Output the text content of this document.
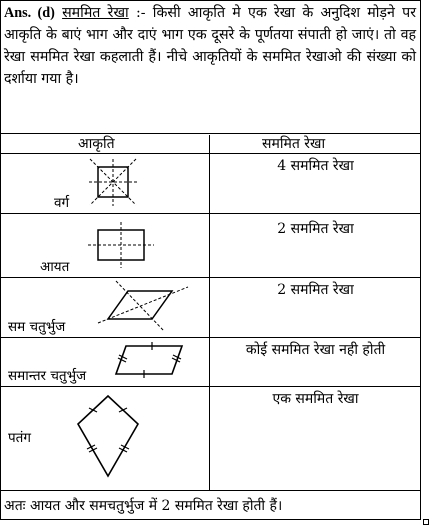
Ans. (d) सममित रेखा :- किसी आकृति मे एक रेखा के अनुदिश मोड़ने पर आकृति के बाएं भाग और दाएं भाग एक दूसरे के पूर्णतया संपाती हो जाएं। तो वह रेखा सममित रेखा कहलाती हैं। नीचे आकृतियों के सममित रेखाओ की संख्या को दर्शाया गया है।
आकृति	सममित रेखा
वर्ग
4 सममित रेखा
आयत
2 सममित रेखा
सम चतुर्भुज
2 सममित रेखा
समान्तर चतुर्भुज
कोई सममित रेखा नही होती
पतंग
एक सममित रेखा
अतः आयत और समचतुर्भुज में 2 सममित रेखा होती हैं।
